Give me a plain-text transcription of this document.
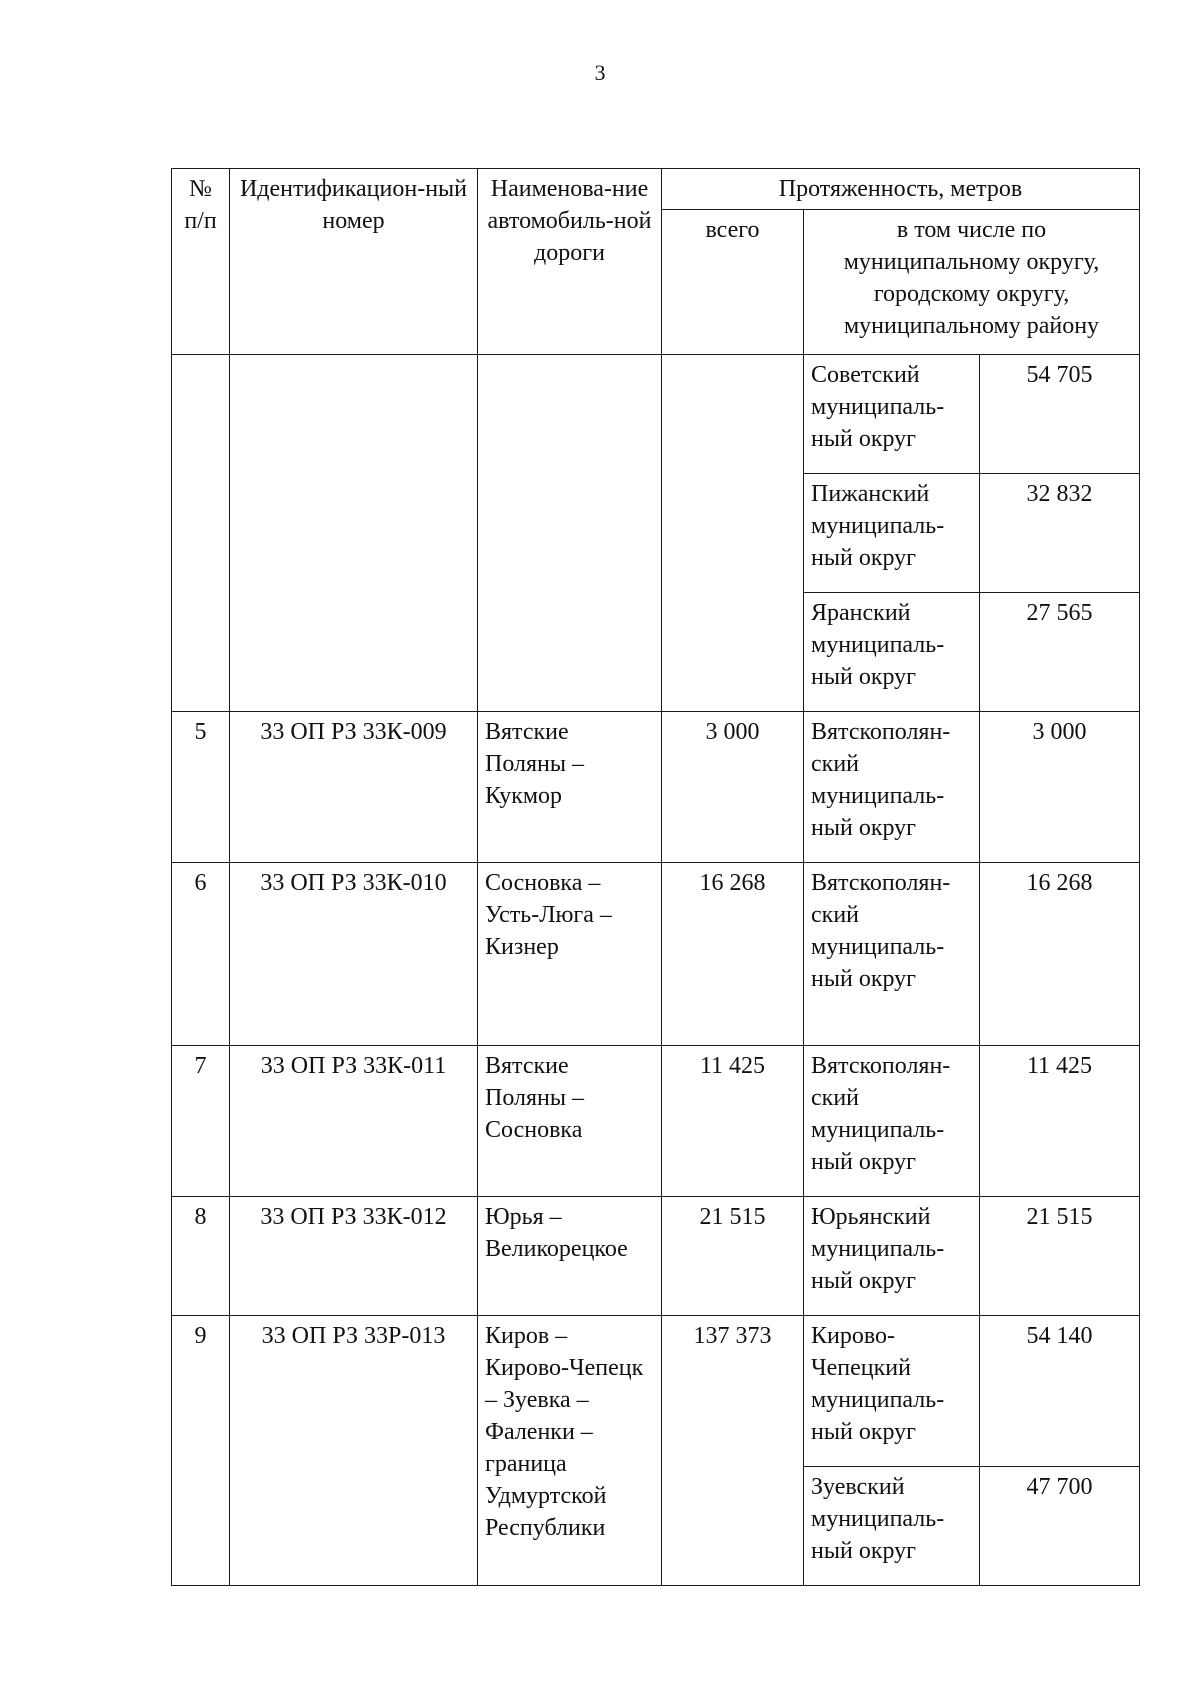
3
№ п/п	Идентификацион-ный номер	Наименова-ние автомобиль-ной дороги	Протяженность, метров		
			всего	в том числе по муниципальному округу, городскому округу, муниципальному району	
				Советский муниципаль-ный округ	54 705
				Пижанский муниципаль-ный округ	32 832
				Яранский муниципаль-ный округ	27 565
5	33 ОП РЗ 33К-009	Вятские Поляны – Кукмор	3 000	Вятскополян-ский муниципаль-ный округ	3 000
6	33 ОП РЗ 33К-010	Сосновка – Усть-Люга – Кизнер	16 268	Вятскополян-ский муниципаль-ный округ	16 268
7	33 ОП РЗ 33К-011	Вятские Поляны – Сосновка	11 425	Вятскополян-ский муниципаль-ный округ	11 425
8	33 ОП РЗ 33К-012	Юрья – Великорецкое	21 515	Юрьянский муниципаль-ный округ	21 515
9	33 ОП РЗ 33Р-013	Киров – Кирово-Чепецк – Зуевка – Фаленки – граница Удмуртской Республики	137 373	Кирово-Чепецкий муниципаль-ный округ	54 140
				Зуевский муниципаль-ный округ	47 700
